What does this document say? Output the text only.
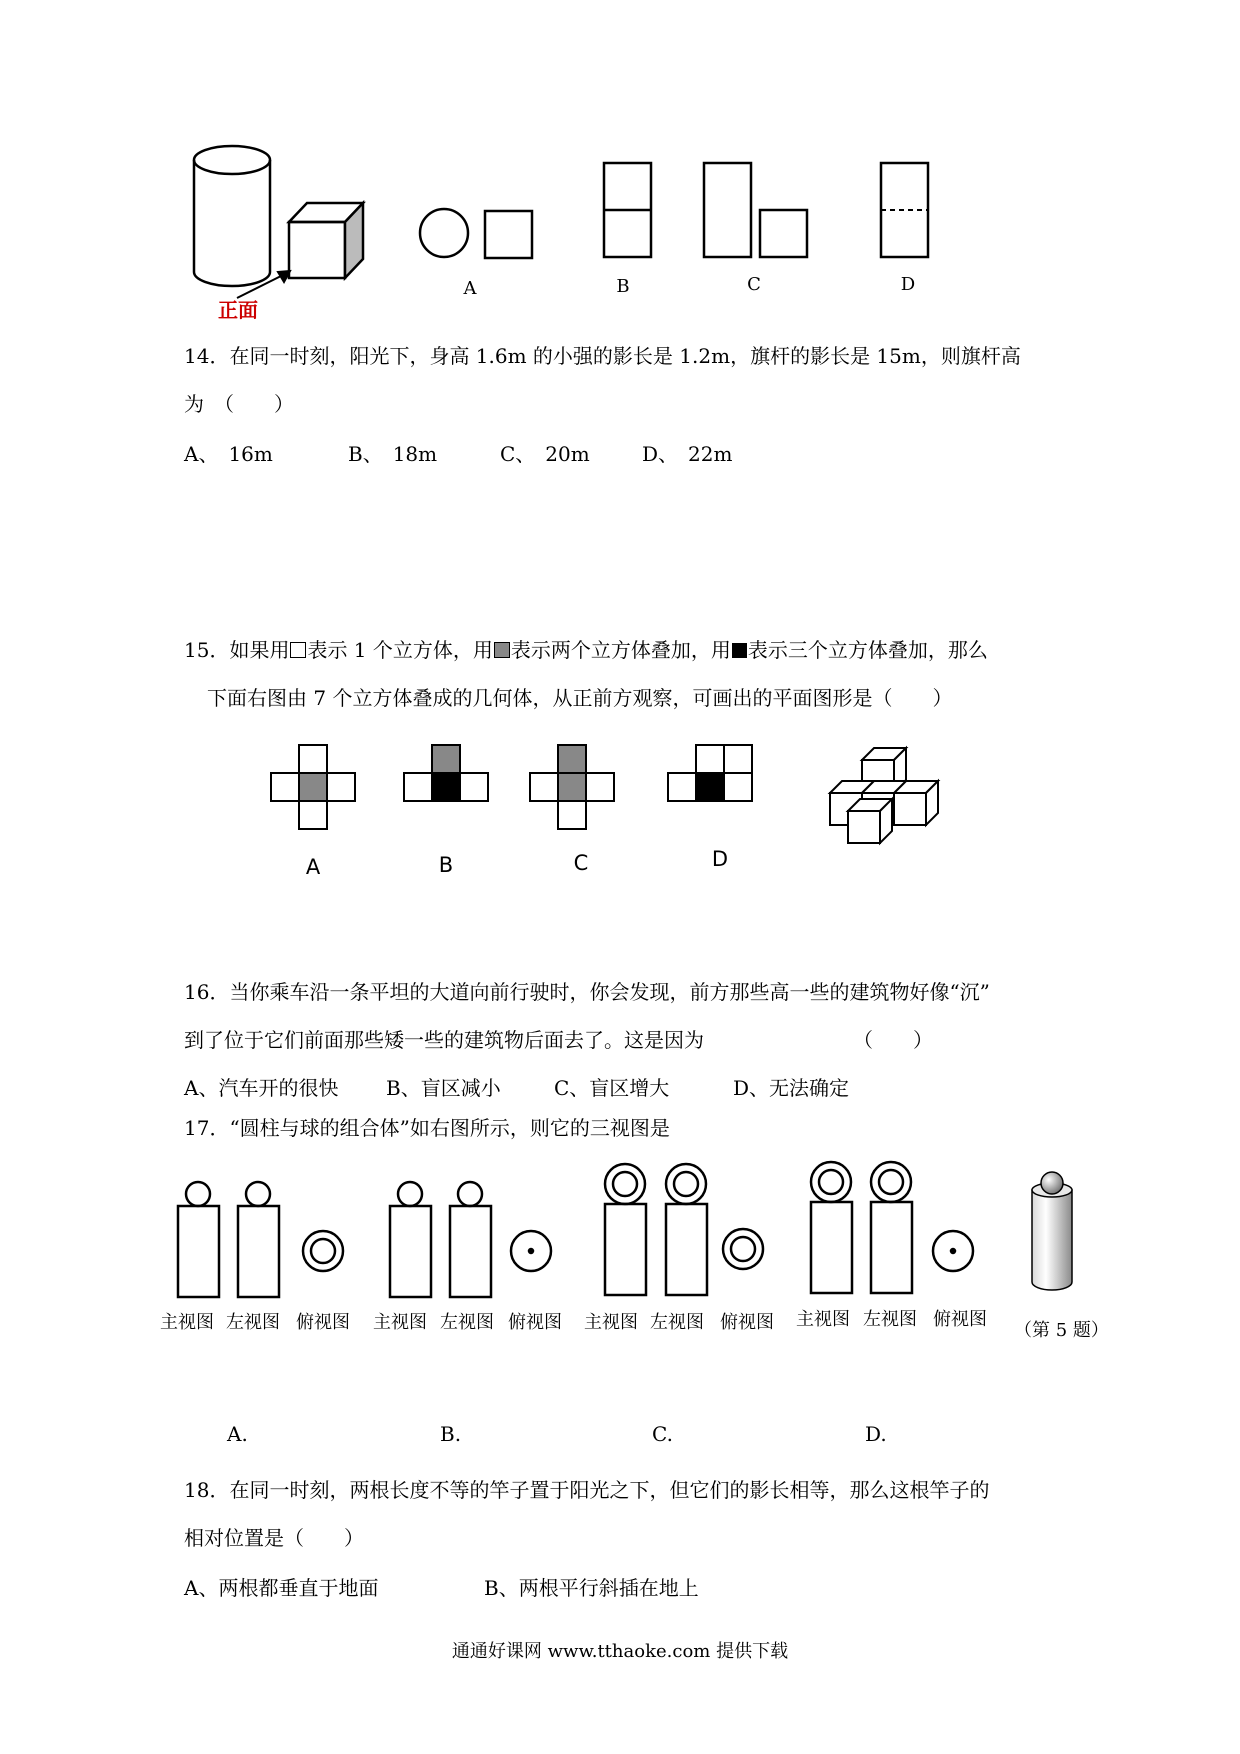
正面
A	B	C	D
14．在同一时刻，阳光下，身高 1.6m 的小强的影长是 1.2m，旗杆的影长是 15m，则旗杆高
为　（　　）
A、　16m	B、　18m	C、　20m	D、　22m
15．如果用 表示 1 个立方体，用 表示两个立方体叠加，用 表示三个立方体叠加，那么
下面右图由 7 个立方体叠成的几何体，从正前方观察，可画出的平面图形是（　　）
A	B	C	D
16．当你乘车沿一条平坦的大道向前行驶时，你会发现，前方那些高一些的建筑物好像“沉”
到了位于它们前面那些矮一些的建筑物后面去了。这是因为	（　　）
A、汽车开的很快 B、盲区减小	C、盲区增大	D、无法确定
17．“圆柱与球的组合体”如右图所示，则它的三视图是
主视图 左视图 俯视图 主视图 左视图 俯视图 主视图 左视图 俯视图 主视图 左视图 俯视图
（第 5 题）
A.	B.	C.	D.
18．在同一时刻，两根长度不等的竿子置于阳光之下，但它们的影长相等，那么这根竿子的
相对位置是（　　）
A、两根都垂直于地面	B、两根平行斜插在地上
通通好课网 www.tthaoke.com 提供下载
